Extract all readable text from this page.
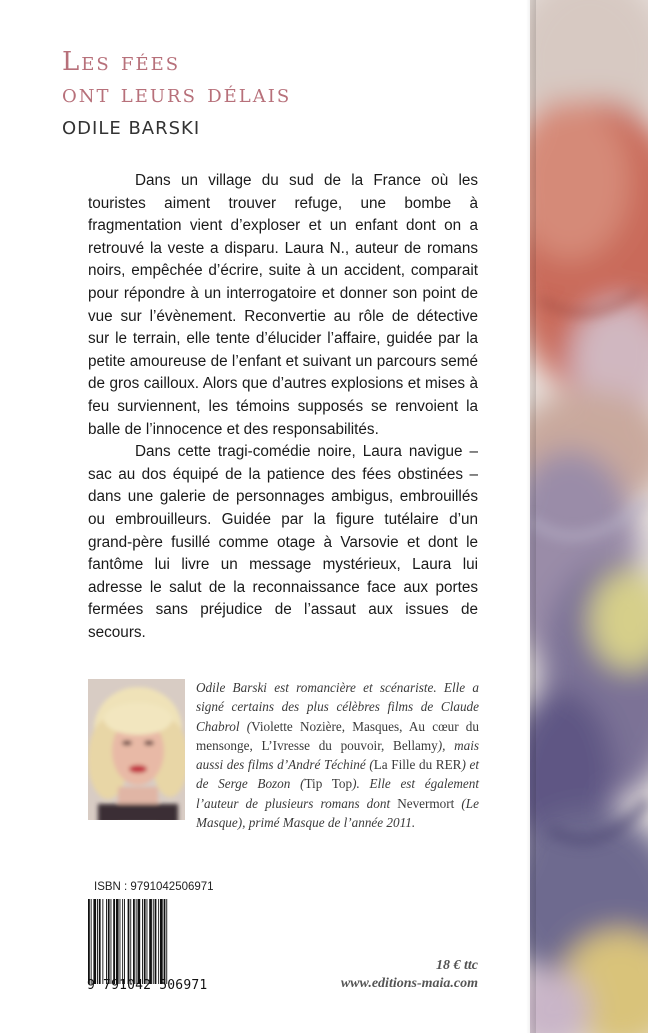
Les fées
ont leurs délais
ODILE BARSKI

Dans un village du sud de la France où les touristes aiment trouver refuge, une bombe à fragmentation vient d’exploser et un enfant dont on a retrouvé la veste a disparu. Laura N., auteur de romans noirs, empêchée d’écrire, suite à un accident, comparait pour répondre à un interrogatoire et donner son point de vue sur l’évènement. Reconvertie au rôle de détective sur le terrain, elle tente d’élucider l’affaire, guidée par la petite amoureuse de l’enfant et suivant un parcours semé de gros cailloux. Alors que d’autres explosions et mises à feu surviennent, les témoins supposés se renvoient la balle de l’innocence et des responsabilités.

Dans cette tragi-comédie noire, Laura navigue – sac au dos équipé de la patience des fées obstinées – dans une galerie de personnages ambigus, embrouillés ou embrouilleurs. Guidée par la figure tutélaire d’un grand-père fusillé comme otage à Varsovie et dont le fantôme lui livre un message mystérieux, Laura lui adresse le salut de la reconnaissance face aux portes fermées sans préjudice de l’assaut aux issues de secours.

Odile Barski est romancière et scénariste. Elle a signé certains des plus célèbres films de Claude Chabrol (Violette Nozière, Masques, Au cœur du mensonge, L’Ivresse du pouvoir, Bellamy), mais aussi des films d’André Téchiné (La Fille du RER) et de Serge Bozon (Tip Top). Elle est également l’auteur de plusieurs romans dont Nevermort (Le Masque), primé Masque de l’année 2011.
ISBN : 9791042506971
9 791042 506971
18 € ttc
www.editions-maia.com
